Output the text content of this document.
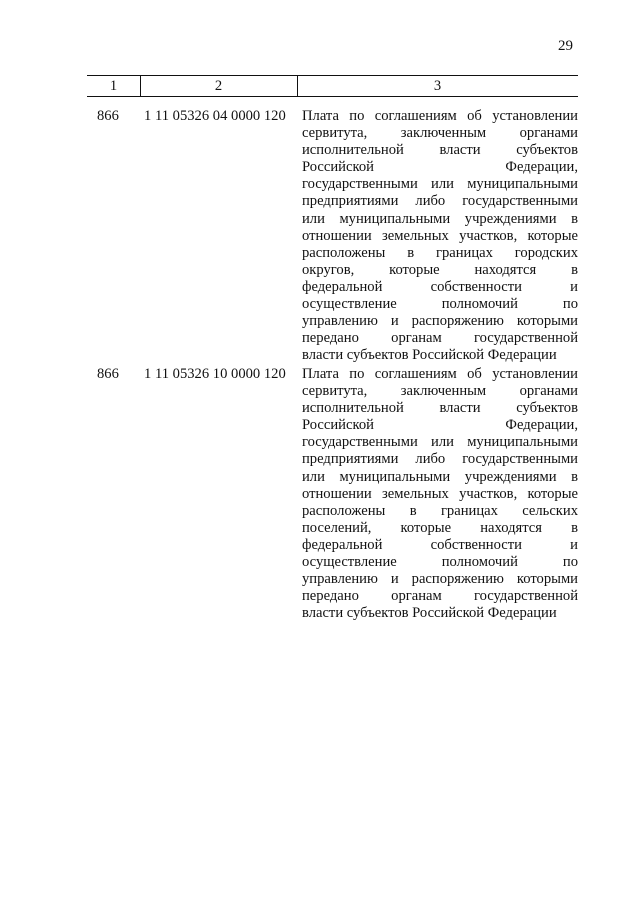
29
1	2	3
866 1 11 05326 04 0000 120 Плата по соглашениям об установлении
сервитута, заключенным органами
исполнительной власти субъектов
Российской Федерации,
государственными или муниципальными
предприятиями либо государственными
или муниципальными учреждениями в
отношении земельных участков, которые
расположены в границах городских
округов, которые находятся в
федеральной собственности и
осуществление полномочий по
управлению и распоряжению которыми
передано органам государственной
власти субъектов Российской Федерации
866 1 11 05326 10 0000 120 Плата по соглашениям об установлении
сервитута, заключенным органами
исполнительной власти субъектов
Российской Федерации,
государственными или муниципальными
предприятиями либо государственными
или муниципальными учреждениями в
отношении земельных участков, которые
расположены в границах сельских
поселений, которые находятся в
федеральной собственности и
осуществление полномочий по
управлению и распоряжению которыми
передано органам государственной
власти субъектов Российской Федерации
